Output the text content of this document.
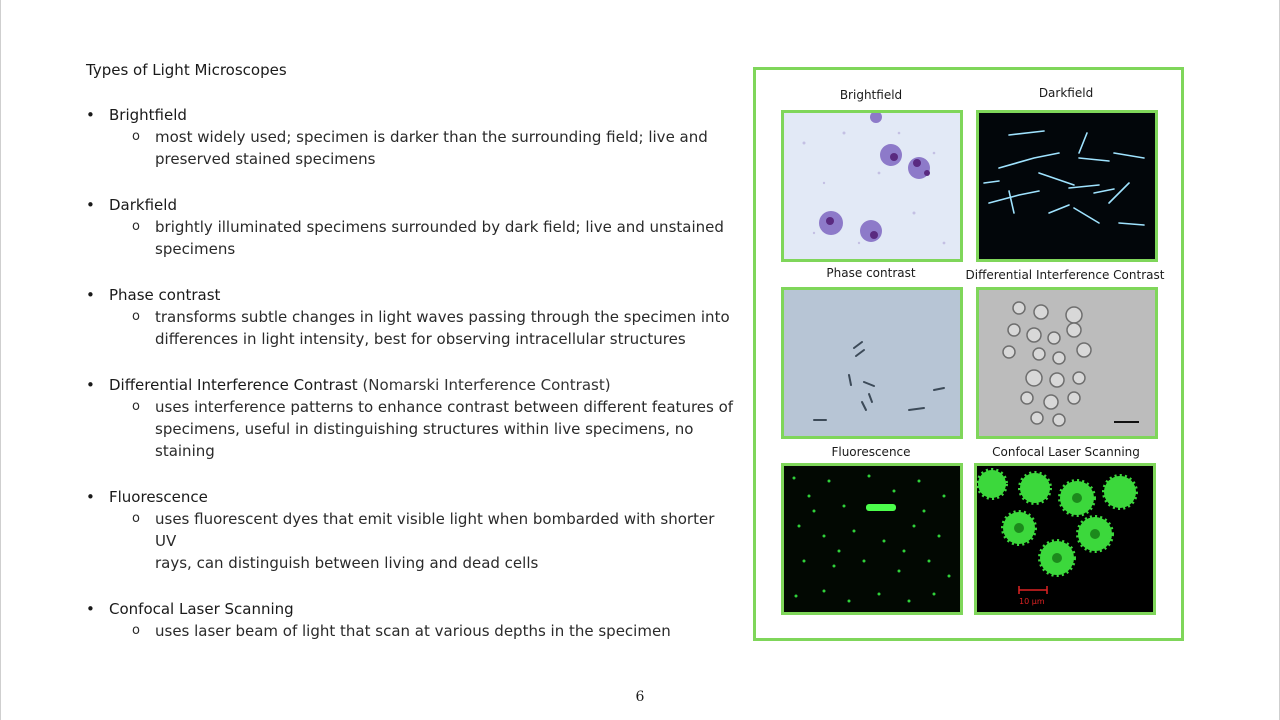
Types of Light Microscopes
• Brightfield
o most widely used; specimen is darker than the surrounding field; live and
preserved stained specimens
• Darkfield
o brightly illuminated specimens surrounded by dark field; live and unstained
specimens
• Phase contrast
o transforms subtle changes in light waves passing through the specimen into
differences in light intensity, best for observing intracellular structures
• Differential Interference Contrast (Nomarski Interference Contrast)
o uses interference patterns to enhance contrast between different features of
specimens, useful in distinguishing structures within live specimens, no staining
• Fluorescence
o uses fluorescent dyes that emit visible light when bombarded with shorter UV
rays, can distinguish between living and dead cells
• Confocal Laser Scanning
o uses laser beam of light that scan at various depths in the specimen
Brightfield	Darkfield
Phase contrast	Differential Interference Contrast
Fluorescence	Confocal Laser Scanning
10 µm
6
